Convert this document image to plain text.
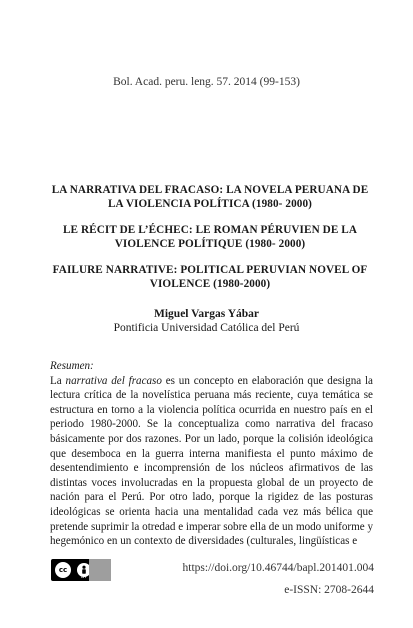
Bol. Acad. peru. leng. 57. 2014 (99-153)

LA NARRATIVA DEL FRACASO: LA NOVELA PERUANA DE LA VIOLENCIA POLÍTICA (1980- 2000)

LE RÉCIT DE L’ÉCHEC: LE ROMAN PÉRUVIEN DE LA VIOLENCE POLÍTIQUE (1980- 2000)

FAILURE NARRATIVE: POLITICAL PERUVIAN NOVEL OF VIOLENCE (1980-2000)

Miguel Vargas Yábar
Pontificia Universidad Católica del Perú
Resumen:
La narrativa del fracaso es un concepto en elaboración que designa la lectura crítica de la novelística peruana más reciente, cuya temática se estructura en torno a la violencia política ocurrida en nuestro país en el periodo 1980-2000. Se la conceptualiza como narrativa del fracaso básicamente por dos razones. Por un lado, porque la colisión ideológica que desemboca en la guerra interna manifiesta el punto máximo de desentendimiento e incomprensión de los núcleos afirmativos de las distintas voces involucradas en la propuesta global de un proyecto de nación para el Perú. Por otro lado, porque la rigidez de las posturas ideológicas se orienta hacia una mentalidad cada vez más bélica que pretende suprimir la otredad e imperar sobre ella de un modo uniforme y hegemónico en un contexto de diversidades (culturales, lingüísticas e
cc
BY
https://doi.org/10.46744/bapl.201401.004
e-ISSN: 2708-2644
